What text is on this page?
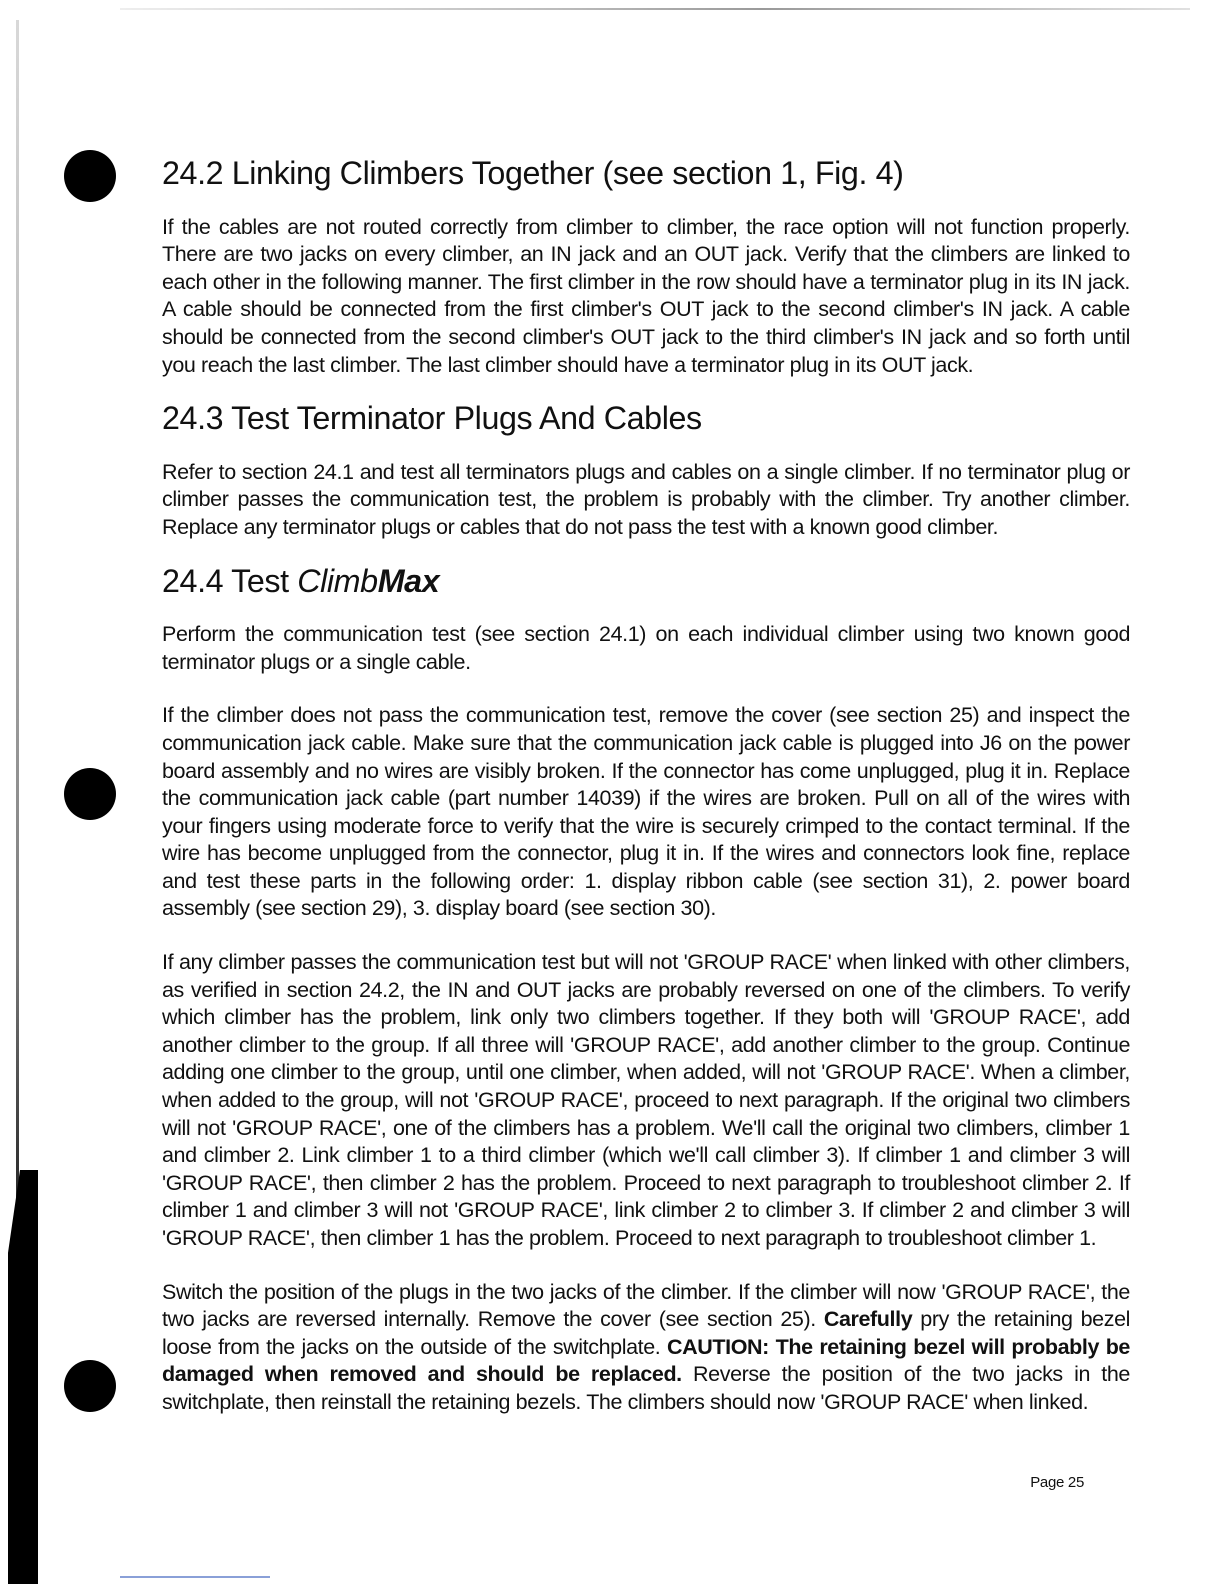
24.2 Linking Climbers Together (see section 1, Fig. 4)

If the cables are not routed correctly from climber to climber, the race option will not function properly. There are two jacks on every climber, an IN jack and an OUT jack. Verify that the climbers are linked to each other in the following manner. The first climber in the row should have a terminator plug in its IN jack. A cable should be connected from the first climber's OUT jack to the second climber's IN jack. A cable should be connected from the second climber's OUT jack to the third climber's IN jack and so forth until you reach the last climber. The last climber should have a terminator plug in its OUT jack.

24.3 Test Terminator Plugs And Cables

Refer to section 24.1 and test all terminators plugs and cables on a single climber. If no terminator plug or climber passes the communication test, the problem is probably with the climber. Try another climber. Replace any terminator plugs or cables that do not pass the test with a known good climber.

24.4 Test ClimbMax

Perform the communication test (see section 24.1) on each individual climber using two known good terminator plugs or a single cable.

If the climber does not pass the communication test, remove the cover (see section 25) and inspect the communication jack cable. Make sure that the communication jack cable is plugged into J6 on the power board assembly and no wires are visibly broken. If the connector has come unplugged, plug it in. Replace the communication jack cable (part number 14039) if the wires are broken. Pull on all of the wires with your fingers using moderate force to verify that the wire is securely crimped to the contact terminal. If the wire has become unplugged from the connector, plug it in. If the wires and connectors look fine, replace and test these parts in the following order: 1. display ribbon cable (see section 31), 2. power board assembly (see section 29), 3. display board (see section 30).

If any climber passes the communication test but will not 'GROUP RACE' when linked with other climbers, as verified in section 24.2, the IN and OUT jacks are probably reversed on one of the climbers. To verify which climber has the problem, link only two climbers together. If they both will 'GROUP RACE', add another climber to the group. If all three will 'GROUP RACE', add another climber to the group. Continue adding one climber to the group, until one climber, when added, will not 'GROUP RACE'. When a climber, when added to the group, will not 'GROUP RACE', proceed to next paragraph. If the original two climbers will not 'GROUP RACE', one of the climbers has a problem. We'll call the original two climbers, climber 1 and climber 2. Link climber 1 to a third climber (which we'll call climber 3). If climber 1 and climber 3 will 'GROUP RACE', then climber 2 has the problem. Proceed to next paragraph to troubleshoot climber 2. If climber 1 and climber 3 will not 'GROUP RACE', link climber 2 to climber 3. If climber 2 and climber 3 will 'GROUP RACE', then climber 1 has the problem. Proceed to next paragraph to troubleshoot climber 1.

Switch the position of the plugs in the two jacks of the climber. If the climber will now 'GROUP RACE', the two jacks are reversed internally. Remove the cover (see section 25). Carefully pry the retaining bezel loose from the jacks on the outside of the switchplate. CAUTION: The retaining bezel will probably be damaged when removed and should be replaced. Reverse the position of the two jacks in the switchplate, then reinstall the retaining bezels. The climbers should now 'GROUP RACE' when linked.

Page 25
